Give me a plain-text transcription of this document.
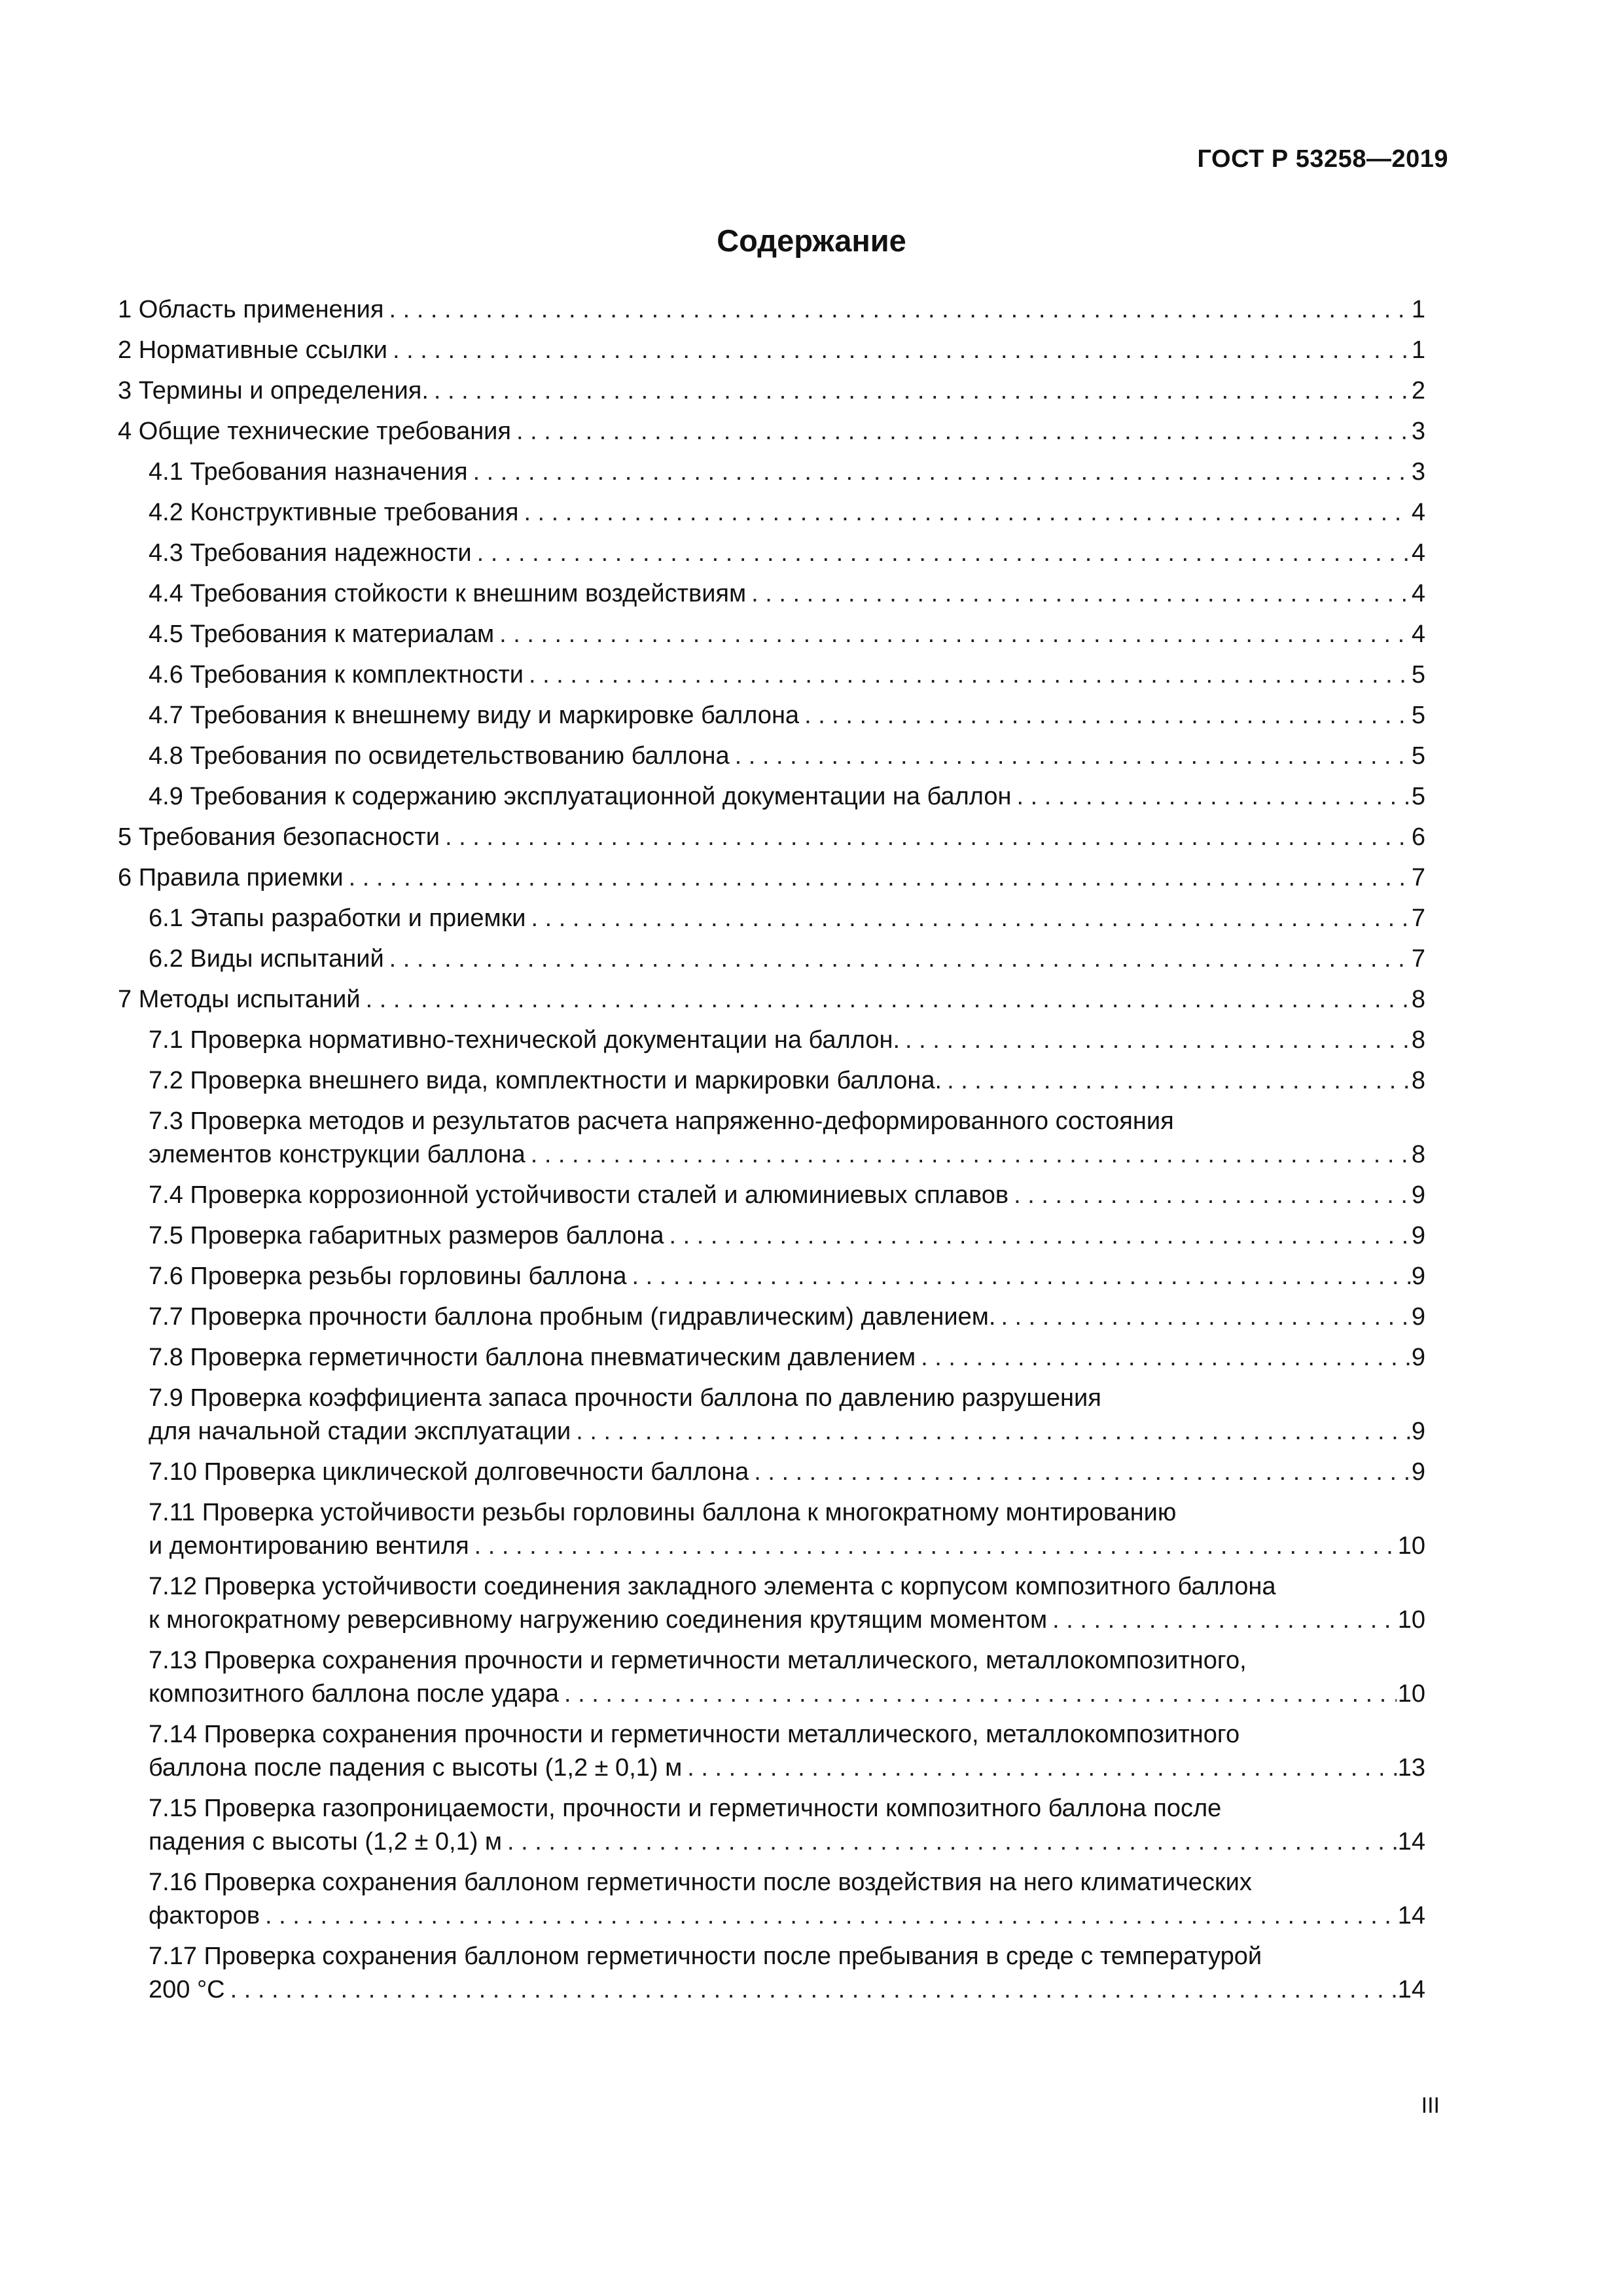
ГОСТ Р 53258—2019
Содержание
1 Область применения . . .	1
2 Нормативные ссылки . . .	1
3 Термины и определения. . . .	2
4 Общие технические требования . . .	3
4.1 Требования назначения . . .	3
4.2 Конструктивные требования . . .	4
4.3 Требования надежности . . .	4
4.4 Требования стойкости к внешним воздействиям . . .	4
4.5 Требования к материалам . . .	4
4.6 Требования к комплектности . . .	5
4.7 Требования к внешнему виду и маркировке баллона . . .	5
4.8 Требования по освидетельствованию баллона . . .	5
4.9 Требования к содержанию эксплуатационной документации на баллон . . .	5
5 Требования безопасности . . .	6
6 Правила приемки . . .	7
6.1 Этапы разработки и приемки . . .	7
6.2 Виды испытаний . . .	7
7 Методы испытаний . . .	8
7.1 Проверка нормативно-технической документации на баллон. . . .	8
7.2 Проверка внешнего вида, комплектности и маркировки баллона. . . .	8
7.3 Проверка методов и результатов расчета напряженно-деформированного состояния
элементов конструкции баллона . . .	8
7.4 Проверка коррозионной устойчивости сталей и алюминиевых сплавов . . .	9
7.5 Проверка габаритных размеров баллона . . .	9
7.6 Проверка резьбы горловины баллона . . .	9
7.7 Проверка прочности баллона пробным (гидравлическим) давлением. . . .	9
7.8 Проверка герметичности баллона пневматическим давлением . . .	9
7.9 Проверка коэффициента запаса прочности баллона по давлению разрушения
для начальной стадии эксплуатации . . .	9
7.10 Проверка циклической долговечности баллона . . .	9
7.11 Проверка устойчивости резьбы горловины баллона к многократному монтированию
и демонтированию вентиля . . .	10
7.12 Проверка устойчивости соединения закладного элемента с корпусом композитного баллона
к многократному реверсивному нагружению соединения крутящим моментом . . .	10
7.13 Проверка сохранения прочности и герметичности металлического, металлокомпозитного,
композитного баллона после удара . . .	10
7.14 Проверка сохранения прочности и герметичности металлического, металлокомпозитного
баллона после падения с высоты (1,2 ± 0,1) м . . .	13
7.15 Проверка газопроницаемости, прочности и герметичности композитного баллона после
падения с высоты (1,2 ± 0,1) м . . .	14
7.16 Проверка сохранения баллоном герметичности после воздействия на него климатических
факторов . . .	14
7.17 Проверка сохранения баллоном герметичности после пребывания в среде с температурой
200 °С . . .	14
III
